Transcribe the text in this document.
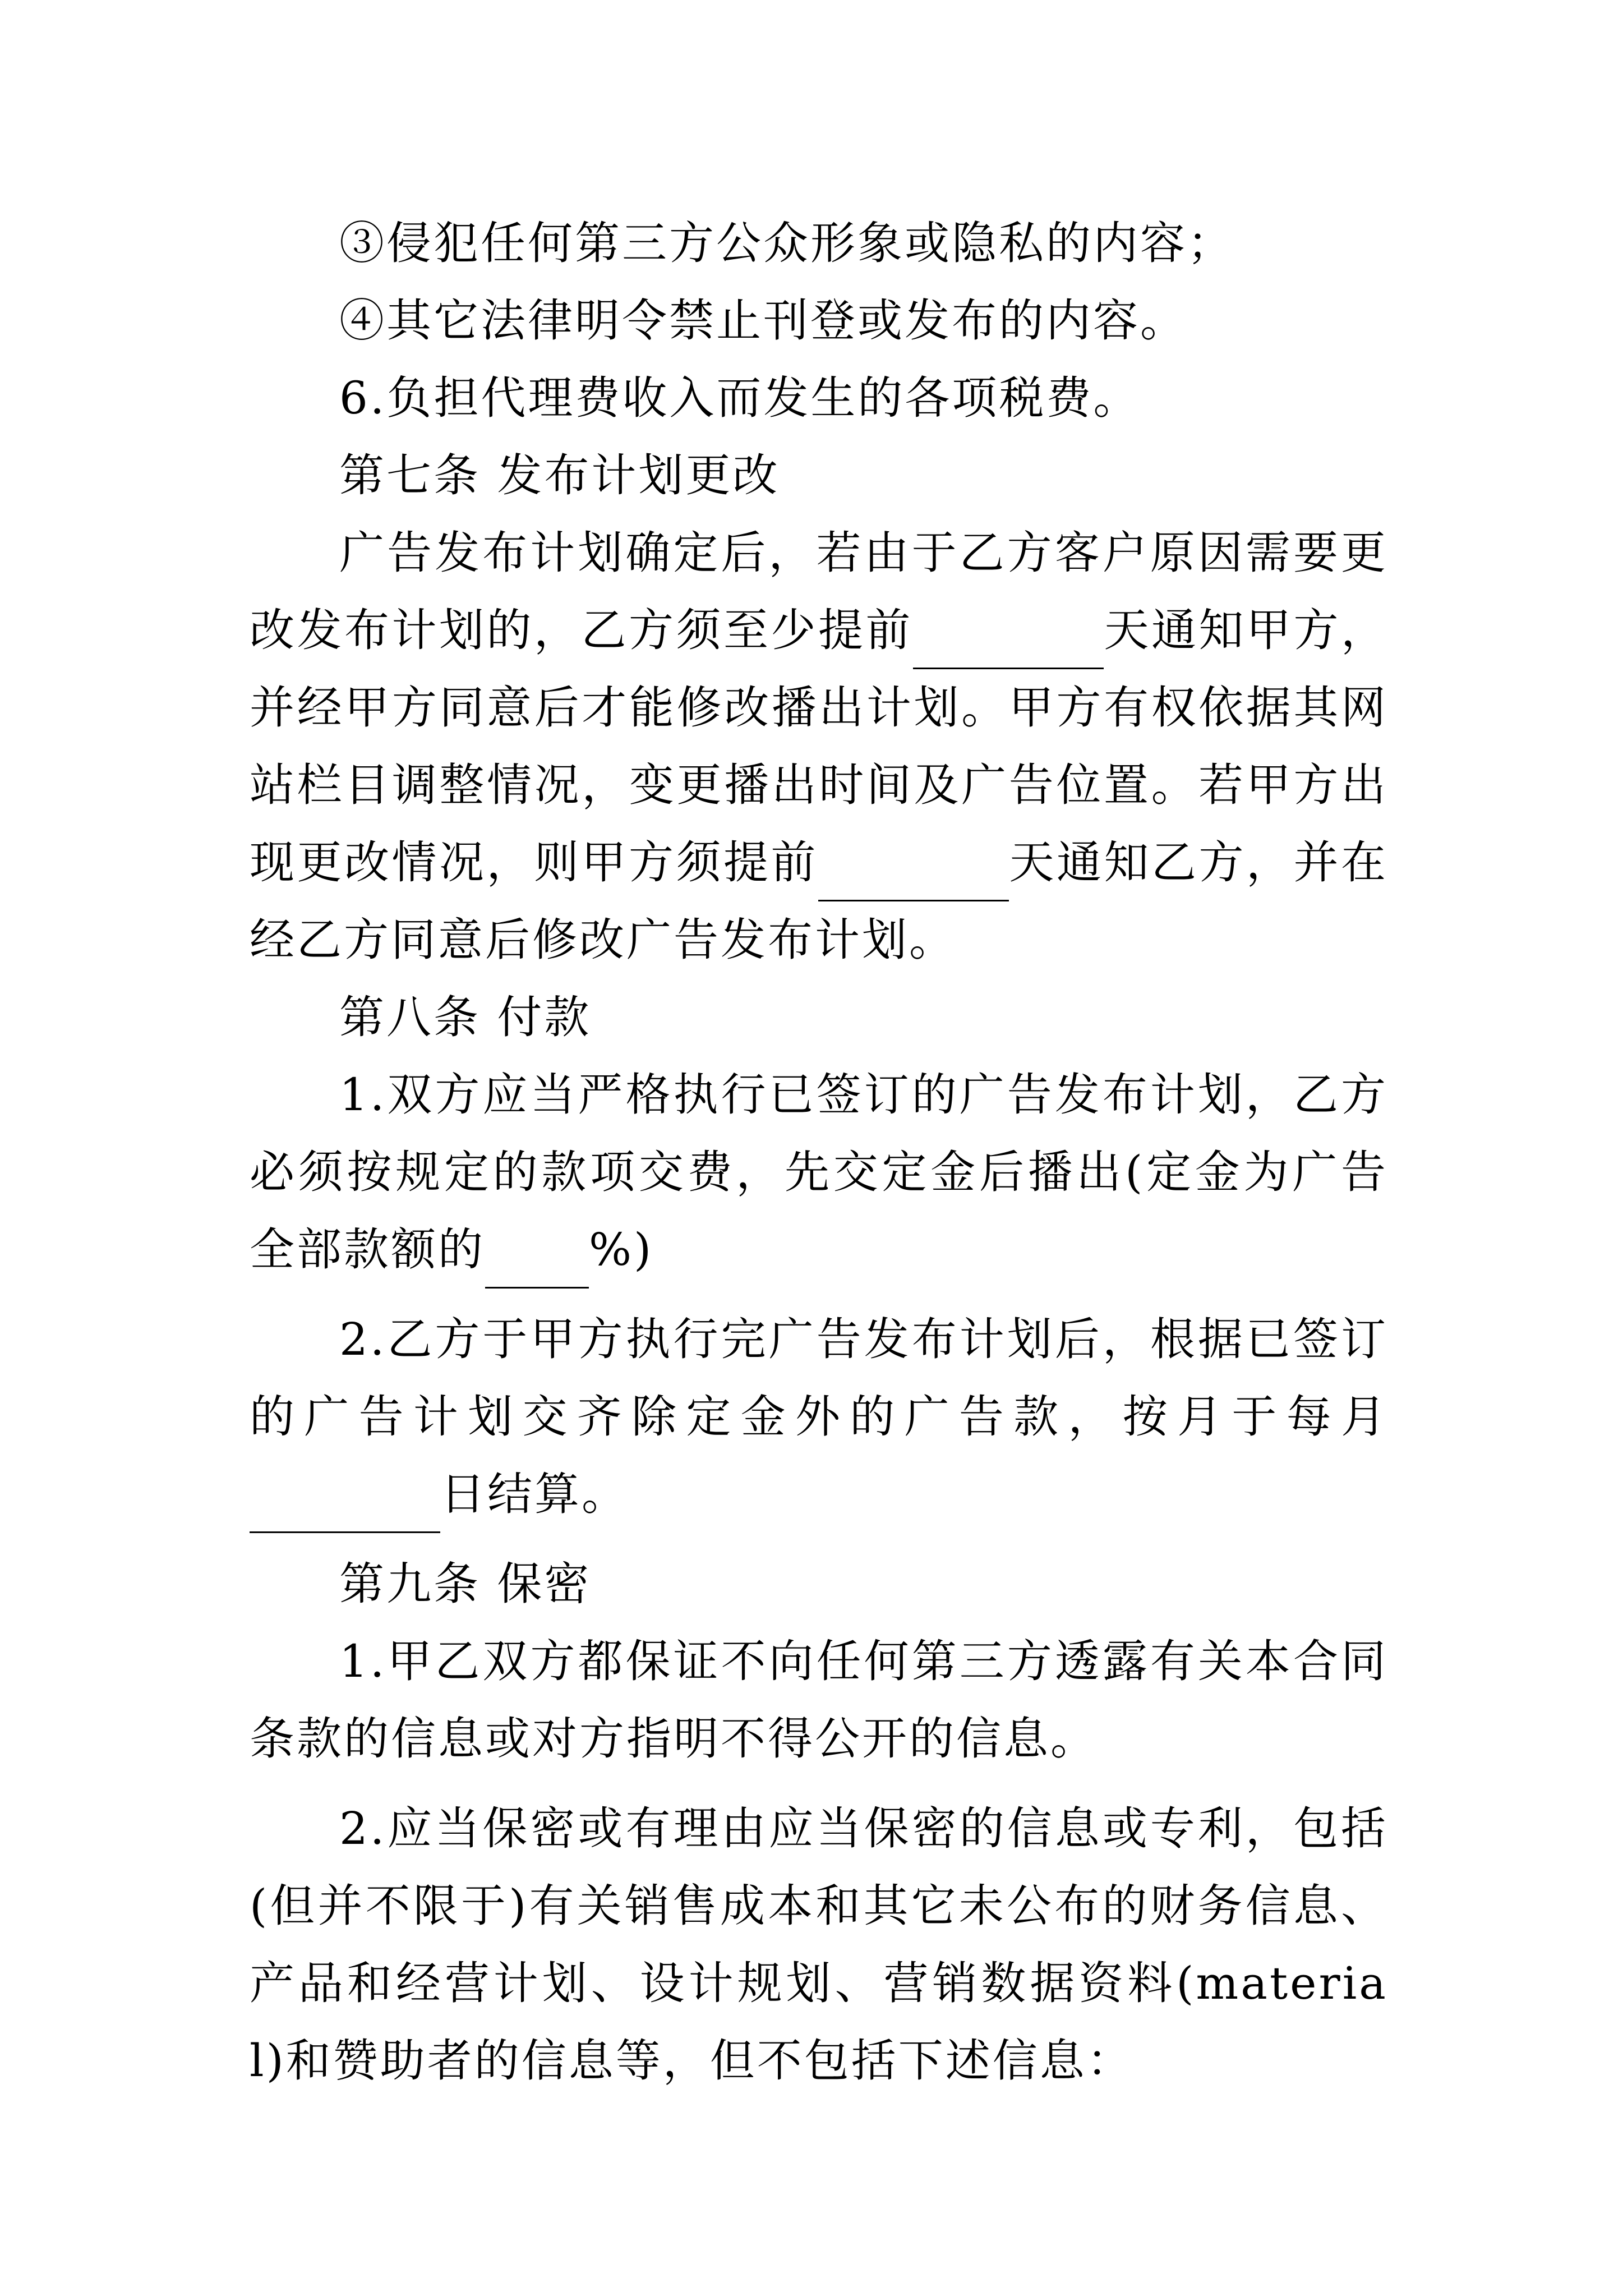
③侵犯任何第三方公众形象或隐私的内容；

④其它法律明令禁止刊登或发布的内容。

6.负担代理费收入而发生的各项税费。

第七条 发布计划更改

广告发布计划确定后，若由于乙方客户原因需要更改发布计划的，乙方须至少提前	天通知甲方，并经甲方同意后才能修改播出计划。甲方有权依据其网站栏目调整情况，变更播出时间及广告位置。若甲方出现更改情况，则甲方须提前	天通知乙方，并在经乙方同意后修改广告发布计划。

第八条 付款

1.双方应当严格执行已签订的广告发布计划，乙方必须按规定的款项交费，先交定金后播出(定金为广告全部款额的 %)

2.乙方于甲方执行完广告发布计划后，根据已签订的广告计划交齐除定金外的广告款，按月于每月日结算。

第九条 保密

1.甲乙双方都保证不向任何第三方透露有关本合同条款的信息或对方指明不得公开的信息。

2.应当保密或有理由应当保密的信息或专利，包括(但并不限于)有关销售成本和其它未公布的财务信息、产品和经营计划、设计规划、营销数据资料(material)和赞助者的信息等，但不包括下述信息：
